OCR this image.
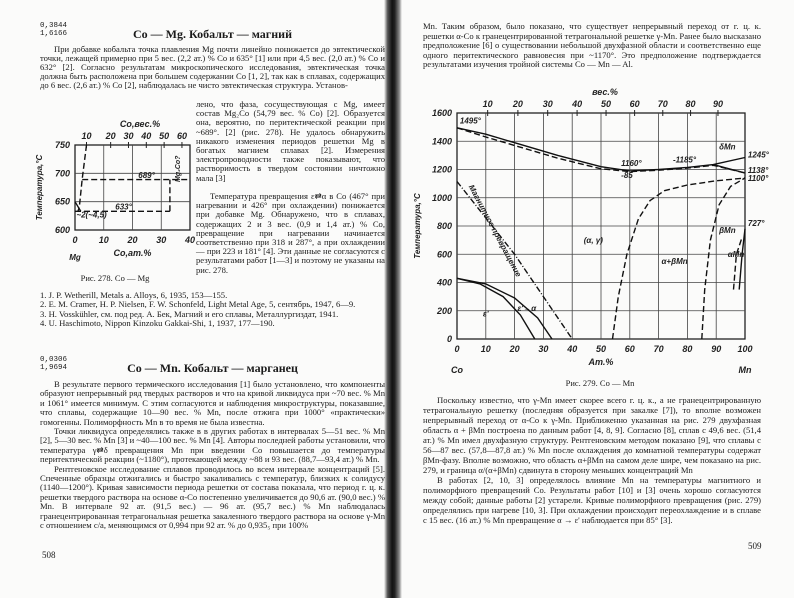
0,3844
1,6166	Co — Mg. Кобальт — магний

При добавке кобальта точка плавления Mg почти линейно понижается до эвтектической точки, лежащей примерно при 5 вес. (2,2 ат.) % Co и 635° [1] или при 4,5 вес. (2,0 ат.) % Co и 632° [2]. Согласно результатам микроскопического исследования, эвтектическая точка должна быть расположена при большем содержании Co [1, 2], так как в сплавах, содержащих до 6 вес. (2,6 ат.) % Co [2], наблюдалась не чисто эвтектическая структура. Установ-

лено, что фаза, сосуществующая с Mg, имеет состав Mg₂Co (54,79 вес. % Co) [2]. Образуется она, вероятно, по перитектической реакции при ~689°. [2] (рис. 278). Не удалось обнаружить никакого изменения периодов решетки Mg в богатых магнием сплавах [2]. Измерения электропроводности также показывают, что растворимость в твердом состоянии ничтожно мала [3]

Температура превращения ε⇄α в Co (467° при нагревании и 426° при охлаждении) понижается при добавке Mg. Обнаружено, что в сплавах, содержащих 2 и 3 вес. (0,9 и 1,4 ат.) % Co, превращение при нагревании начинается соответственно при 318 и 287°, а при охлаждении — при 223 и 181° [4]. Эти данные не согласуются с результатами работ [1—3] и поэтому не указаны на рис. 278.

0 10 20 30 40
600
650
700
750
10 20 30 40 50 60
689°
633°
~2(~4,5)
Co,ат.%
Co,вес.%
Температура,°С
Mg
Mg₂Co?
Рис. 278. Co — Mg
1. J. P. Wetherill, Metals a. Alloys, 6, 1935, 153—155.
2. E. M. Cramer, H. P. Nielsen, F. W. Schonfeld, Light Metal Age, 5, сентябрь, 1947, 6—9.
3. H. Vosskühler, см. под ред. А. Бек, Магний и его сплавы, Металлургиздат, 1941.
4. U. Haschimoto, Nippon Kinzoku Gakkai-Shi, 1, 1937, 177—190.
0,0306
1,9694	Co — Mn. Кобальт — марганец

В результате первого термического исследования [1] было установлено, что компоненты образуют непрерывный ряд твердых растворов и что на кривой ликвидуса при ~70 вес. % Mn и 1061° имеется минимум. С этим согласуются и наблюдения микроструктуры, показавшие, что сплавы, содержащие 10—90 вес. % Mn, после отжига при 1000° «практически» гомогенны. Полиморфность Mn в то время не была известна.

Точки ликвидуса определялись также в в других работах в интервалах 5—51 вес. % Mn [2], 5—30 вес. % Mn [3] и ~40—100 вес. % Mn [4]. Авторы последней работы установили, что температура γ⇄δ превращения Mn при введении Co повышается до температуры перитектической реакции (~1180°), протекающей между ~88 и 93 вес. (88,7—93,4 ат.) % Mn.

Рентгеновское исследование сплавов проводилось во всем интервале концентраций [5]. Спеченные образцы отжигались и быстро закаливались с температур, близких к солидусу (1140—1200°). Кривая зависимости периода решетки от состава показала, что период г. ц. к. решетки твердого раствора на основе α-Co постепенно увеличивается до 90,6 ат. (90,0 вес.) % Mn. В интервале 92 ат. (91,5 вес.) — 96 ат. (95,7 вес.) % Mn наблюдалась гранецентрированная тетрагональная решетка закаленного твердого раствора на основе γ-Mn с отношением c/a, меняющимся от 0,994 при 92 ат. % до 0,935₅ при 100%

508

Mn. Таким образом, было показано, что существует непрерывный переход от г. ц. к. решетки α-Co к гранецентрированной тетрагональной решетке γ-Mn. Ранее было высказано предположение [6] о существовании небольшой двухфазной области и соответственно еще одного перитектического равновесия при ~1170°. Это предположение подтверждается результатами изучения тройной системы Co — Mn — Al.

0 10 20 30 40 50 60 70 80 90 100
0
200
400
600
800
1000
1200
1400
1600
10 20 30 40 50 60 70 80 90
1495°
1160°
-85
-1185°
δMn
1245°
1138°
1100°
727°
βMn
(α, γ)
α+βMn
αMn
ε'
ε'→α
Магнитное превращение
Ат.%
вес.%
Температура,°С
Co	Mn
Рис. 279. Co — Mn

Поскольку известно, что γ-Mn имеет скорее всего г. ц. к., а не гранецентрированную тетрагональную решетку (последняя образуется при закалке [7]), то вполне возможен непрерывный переход от α-Co к γ-Mn. Приближенно указанная на рис. 279 двухфазная область α + βMn построена по данным работ [4, 8, 9]. Согласно [8], сплав с 49,6 вес. (51,4 ат.) % Mn имел двухфазную структуру. Рентгеновским методом показано [9], что сплавы с 56—87 вес. (57,8—87,8 ат.) % Mn после охлаждения до комнатной температуры содержат βMn-фазу. Вполне возможно, что область α+βMn на самом деле шире, чем показано на рис. 279, и граница α/(α+βMn) сдвинута в сторону меньших концентраций Mn

В работах [2, 10, 3] определялось влияние Mn на температуры магнитного и полиморфного превращений Co. Результаты работ [10] и [3] очень хорошо согласуются между собой; данные работы [2] устарели. Кривые полиморфного превращения (рис. 279) определялись при нагреве [10, 3]. При охлаждении происходит переохлаждение и в сплаве с 15 вес. (16 ат.) % Mn превращение α → ε' наблюдается при 85° [3].

509
